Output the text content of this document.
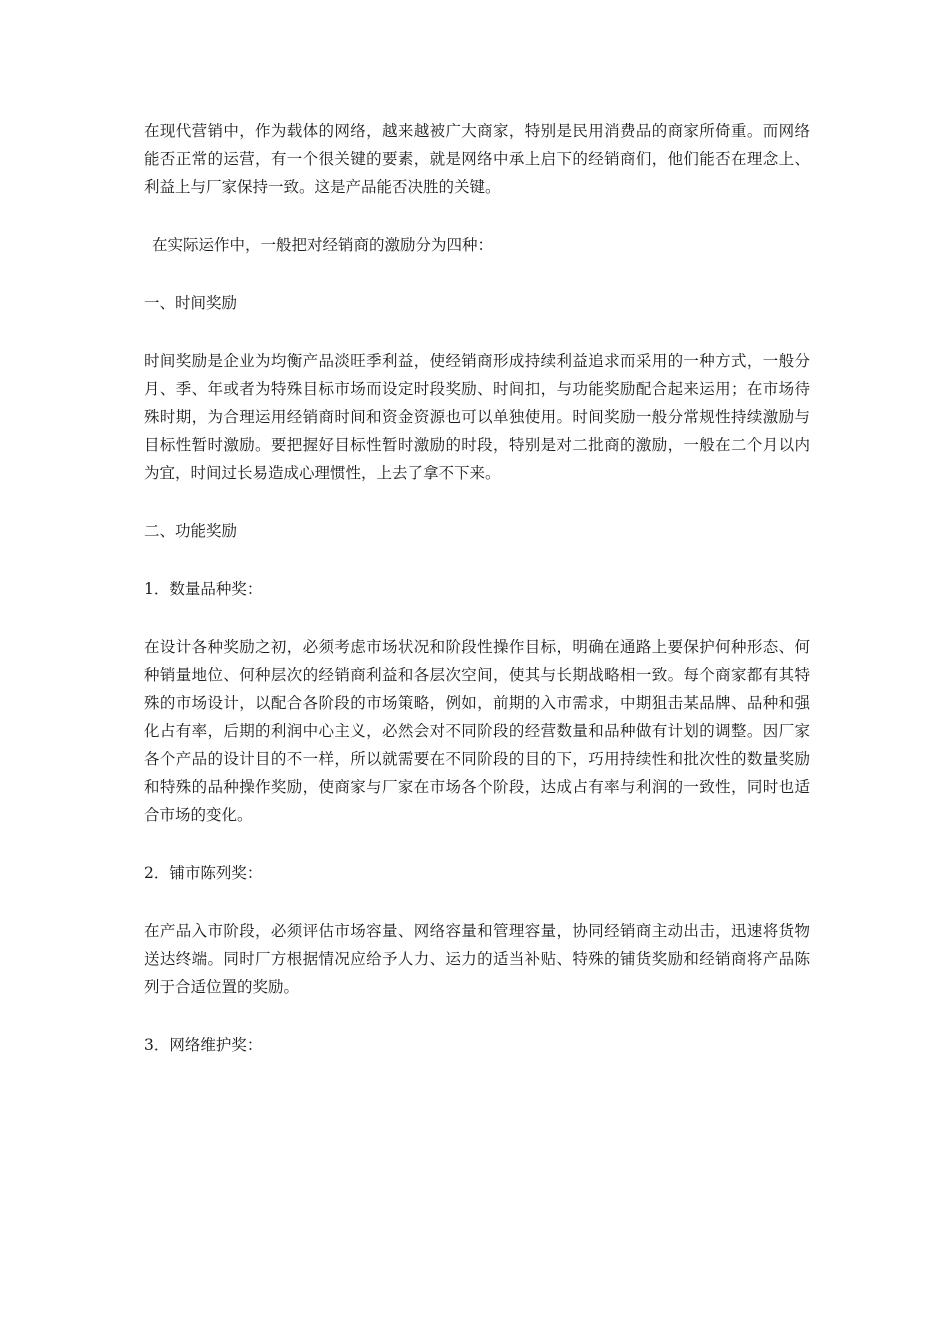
在现代营销中，作为载体的网络，越来越被广大商家，特别是民用消费品的商家所倚重。而网络能否正常的运营，有一个很关键的要素，就是网络中承上启下的经销商们，他们能否在理念上、利益上与厂家保持一致。这是产品能否决胜的关键。

在实际运作中，一般把对经销商的激励分为四种：

一、时间奖励

时间奖励是企业为均衡产品淡旺季利益，使经销商形成持续利益追求而采用的一种方式，一般分月、季、年或者为特殊目标市场而设定时段奖励、时间扣，与功能奖励配合起来运用；在市场待殊时期，为合理运用经销商时间和资金资源也可以单独使用。时间奖励一般分常规性持续激励与目标性暂时激励。要把握好目标性暂时激励的时段，特别是对二批商的激励，一般在二个月以内为宜，时间过长易造成心理惯性，上去了拿不下来。

二、功能奖励

1．数量品种奖：

在设计各种奖励之初，必须考虑市场状况和阶段性操作目标，明确在通路上要保护何种形态、何种销量地位、何种层次的经销商利益和各层次空间，使其与长期战略相一致。每个商家都有其特殊的市场设计，以配合各阶段的市场策略，例如，前期的入市需求，中期狙击某品牌、品种和强化占有率，后期的利润中心主义，必然会对不同阶段的经营数量和品种做有计划的调整。因厂家各个产品的设计目的不一样，所以就需要在不同阶段的目的下，巧用持续性和批次性的数量奖励和特殊的品种操作奖励，使商家与厂家在市场各个阶段，达成占有率与利润的一致性，同时也适合市场的变化。

2．铺市陈列奖：

在产品入市阶段，必须评估市场容量、网络容量和管理容量，协同经销商主动出击，迅速将货物送达终端。同时厂方根据情况应给予人力、运力的适当补贴、特殊的铺货奖励和经销商将产品陈列于合适位置的奖励。

3．网络维护奖：
